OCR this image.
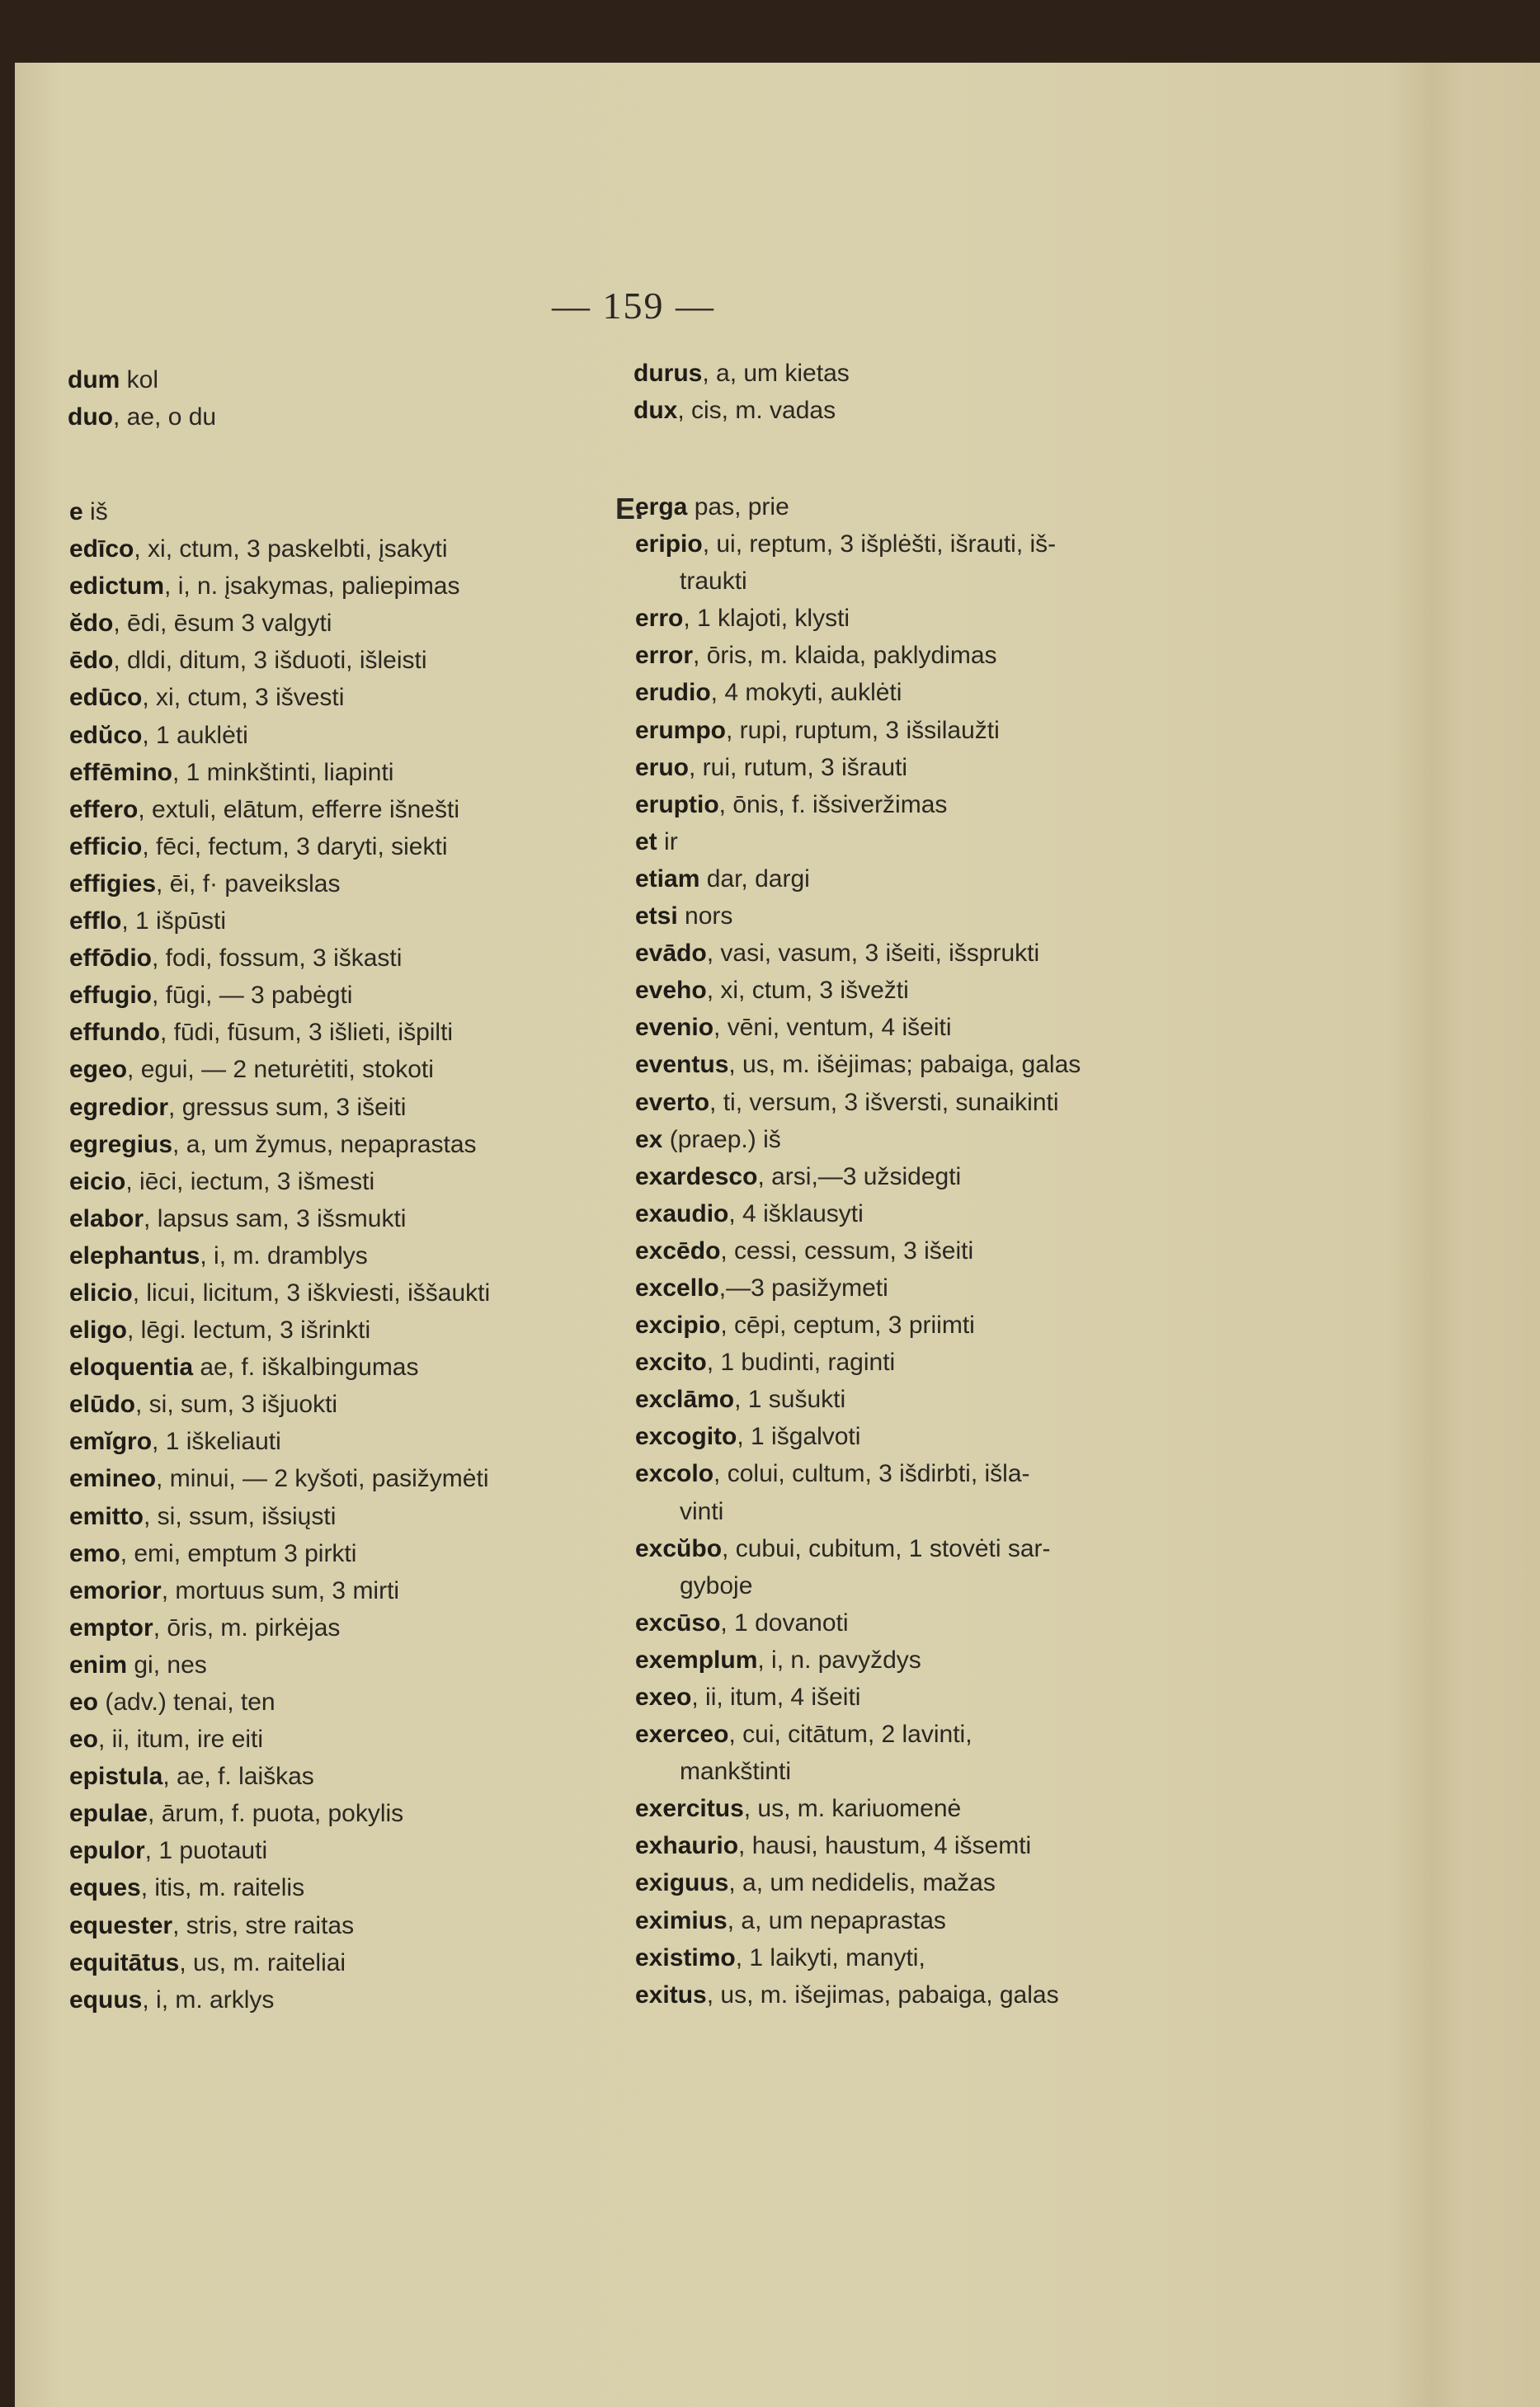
— 159 —
dum kol
duo, ae, o du
durus, a, um kietas
dux, cis, m. vadas
E.
e iš
edīco, xi, ctum, 3 paskelbti, įsakyti
edictum, i, n. įsakymas, paliepimas
ĕdo, ēdi, ēsum 3 valgyti
ēdo, dldi, ditum, 3 išduoti, išleisti
edūco, xi, ctum, 3 išvesti
edŭco, 1 auklėti
effēmino, 1 minkštinti, liapinti
effero, extuli, elātum, efferre išnešti
efficio, fēci, fectum, 3 daryti, siekti
effigies, ēi, f· paveikslas
efflo, 1 išpūsti
effōdio, fodi, fossum, 3 iškasti
effugio, fūgi, — 3 pabėgti
effundo, fūdi, fūsum, 3 išlieti, išpilti
egeo, egui, — 2 neturėtiti, stokoti
egredior, gressus sum, 3 išeiti
egregius, a, um žymus, nepaprastas
eicio, iēci, iectum, 3 išmesti
elabor, lapsus sam, 3 išsmukti
elephantus, i, m. dramblys
elicio, licui, licitum, 3 iškviesti, iššaukti
eligo, lēgi. lectum, 3 išrinkti
eloquentia ae, f. iškalbingumas
elūdo, si, sum, 3 išjuokti
emĭgro, 1 iškeliauti
emineo, minui, — 2 kyšoti, pasižymėti
emitto, si, ssum, išsiųsti
emo, emi, emptum 3 pirkti
emorior, mortuus sum, 3 mirti
emptor, ōris, m. pirkėjas
enim gi, nes
eo (adv.) tenai, ten
eo, ii, itum, ire eiti
epistula, ae, f. laiškas
epulae, ārum, f. puota, pokylis
epulor, 1 puotauti
eques, itis, m. raitelis
equester, stris, stre raitas
equitātus, us, m. raiteliai
equus, i, m. arklys
erga pas, prie
eripio, ui, reptum, 3 išplėšti, išrauti, iš-
traukti
erro, 1 klajoti, klysti
error, ōris, m. klaida, paklydimas
erudio, 4 mokyti, auklėti
erumpo, rupi, ruptum, 3 išsilaužti
eruo, rui, rutum, 3 išrauti
eruptio, ōnis, f. išsiveržimas
et ir
etiam dar, dargi
etsi nors
evādo, vasi, vasum, 3 išeiti, išsprukti
eveho, xi, ctum, 3 išvežti
evenio, vēni, ventum, 4 išeiti
eventus, us, m. išėjimas; pabaiga, galas
everto, ti, versum, 3 išversti, sunaikinti
ex (praep.) iš
exardesco, arsi,—3 užsidegti
exaudio, 4 išklausyti
excēdo, cessi, cessum, 3 išeiti
excello,—3 pasižymeti
excipio, cēpi, ceptum, 3 priimti
excito, 1 budinti, raginti
exclāmo, 1 sušukti
excogito, 1 išgalvoti
excolo, colui, cultum, 3 išdirbti, išla-
vinti
excŭbo, cubui, cubitum, 1 stovėti sar-
gyboje
excūso, 1 dovanoti
exemplum, i, n. pavyždys
exeo, ii, itum, 4 išeiti
exerceo, cui, citātum, 2 lavinti,
mankštinti
exercitus, us, m. kariuomenė
exhaurio, hausi, haustum, 4 išsemti
exiguus, a, um nedidelis, mažas
eximius, a, um nepaprastas
existimo, 1 laikyti, manyti,
exitus, us, m. išejimas, pabaiga, galas
